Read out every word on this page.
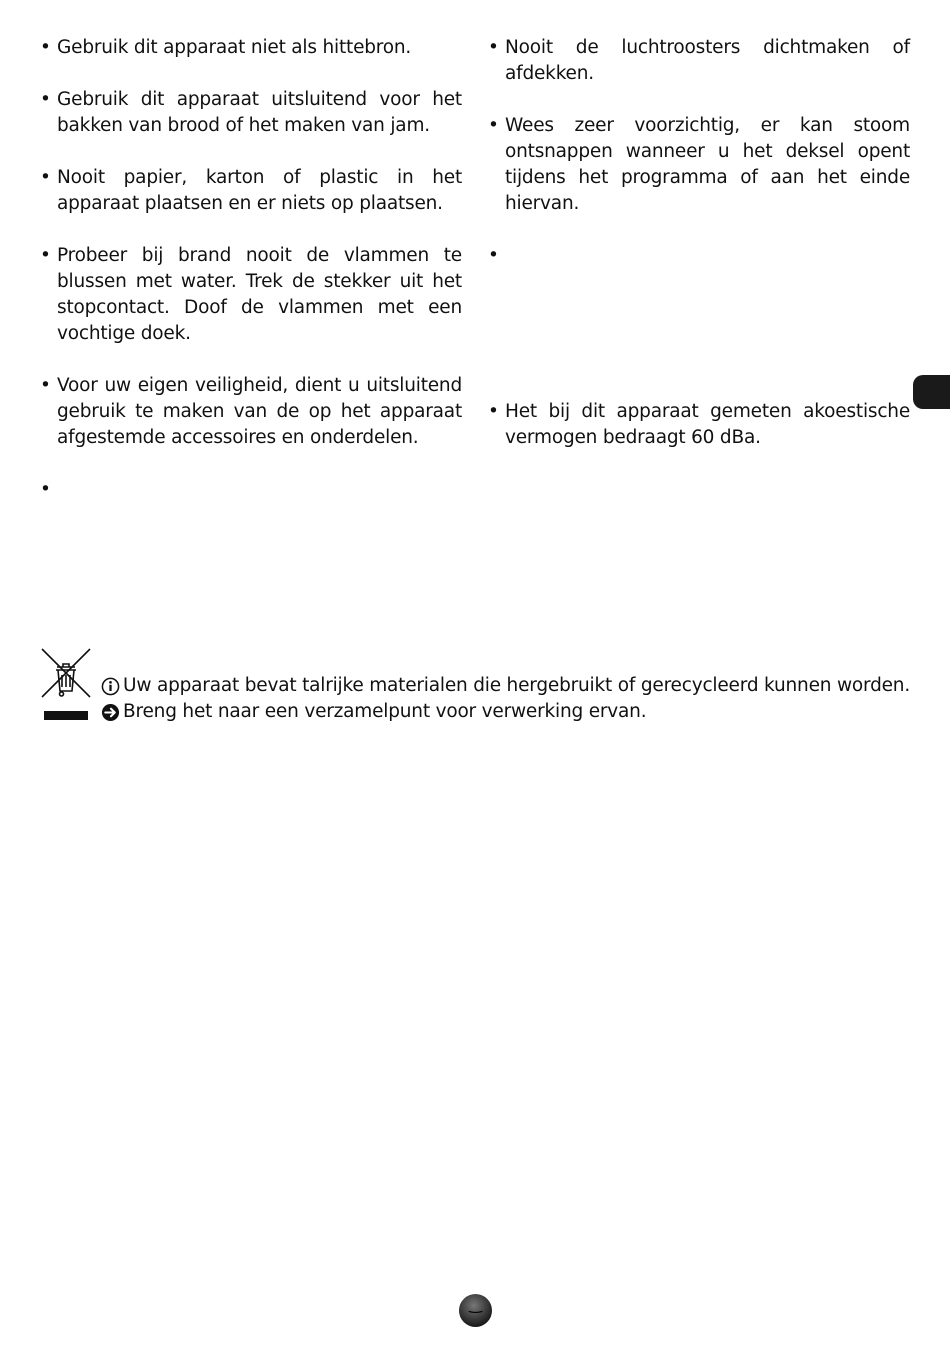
• Gebruik dit apparaat niet als hittebron.
• Gebruik dit apparaat uitsluitend voor het bakken van brood of het maken van jam.
• Nooit papier, karton of plastic in het apparaat plaatsen en er niets op plaatsen.
• Probeer bij brand nooit de vlammen te blussen met water. Trek de stekker uit het stopcontact. Doof de vlammen met een vochtige doek.
• Voor uw eigen veiligheid, dient u uitsluitend gebruik te maken van de op het apparaat afgestemde accessoires en onderdelen.
•

• Nooit de luchtroosters dichtmaken of afdekken.
• Wees zeer voorzichtig, er kan stoom ontsnappen wanneer u het deksel opent tijdens het programma of aan het einde hiervan.
•

• Het bij dit apparaat gemeten akoestische vermogen bedraagt 60 dBa.
Uw apparaat bevat talrijke materialen die hergebruikt of gerecycleerd kunnen worden.
Breng het naar een verzamelpunt voor verwerking ervan.
